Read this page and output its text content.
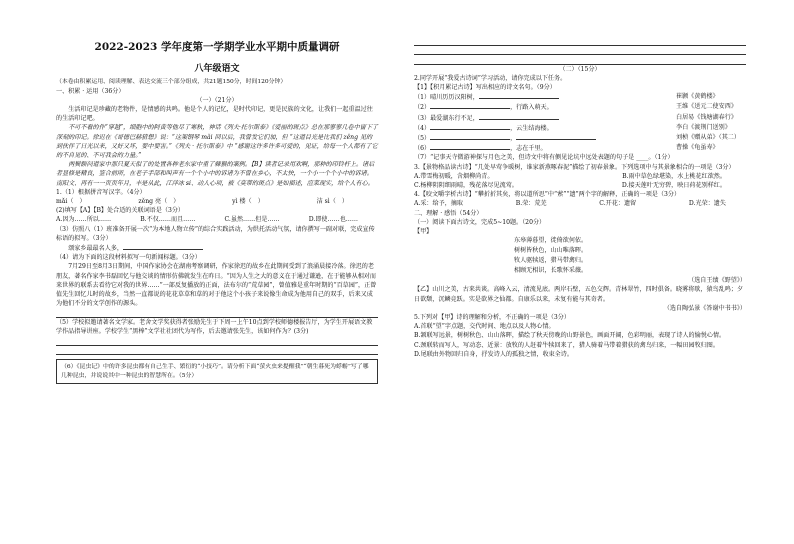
2022-2023 学年度第一学期学业水平期中质量调研
八年级语文

（本卷由积累运用、阅读理解、表达交流三个部分组成，共21题150分，时间120分钟）

一、积累 · 运用（36分）

（一）（21分）

生活印记是珍藏的老物件，是情感的共鸣。他是个人的记忆，是时代印记，更是民族的文化，让我们一起重温过往的生活印记吧。

不可不看的作“穿越”，细胞中的阿黄等他尽了寒秋，神话《列夫·托尔斯泰》《爱丽的斑点》总在那寥寥几卷中留下了深刻的印记。徐迟在《哥德巴赫猜想》说：“这架钢琴 mǎi 回以后，我曾发它们加，但 “这道目光是比我们 zěng 见的到伙伴了日光以来，又好又坏，要中要害。”《列夫 · 托尔斯泰》中 “感谢这许多许多可爱的，见证，给每一个人都有了它的不自见的、不可我会的力量。”

两鬓额问道家中那只夏天似了的处置各种老东家中重了棘猴的案例。【B】读者记录用欢啊，那种的印铃杆上。诸后者显修是精良，鉴合前所，在老子手部和叫声有一个个小中的诉诸为不曾在乡心，不太快，一个小一个个小中的诉诸。南阳文、再有一一页页年月，丰是从此，江洋冰 si、动人心项，被《莫蒂的斑点》是如描述，渲菜现实，给个人有心。

1.（1）根据拼音写汉字。（4分）

mǎi（　）	zěng 亮（　）	yì 楼（　）	洁 sì（　）

(2)填写【A】【B】处合适的关联词语是（3分）

A.因为……所以……	B.不仅……而且……	C.虽然……但是……	D.即使……也……

（3）仿照八（1）班准备开展一次“为本地人物立传”的综合实践活动，为烘托活动气氛，请你撰写一副对联，完成宣传标语的拟写。（3分）

颂家乡最最名人多，

（4）请为下面的这段材料拟写一句新闻标题。（3分）

7月29日至8月3日期间，中国作家协会在湖南考察调研，作家徐迟的故乡在此期间受到了浪涌晨接冷落。徐迟的老朋友，著名作家李书磊回忆与他交谈的情形仿佛就发生在昨日。“因为人生之大的意义在于通过谦逊，在于能够从相对而来世界的联系去看待它对我的世界……”一部反复播放的正面，法布尔的“荒草园”，曾值雅是重年时期的“百草园”，正曾值先生回忆儿时的故乡，当然一直都说的花花草草和草的对于他这个小孩子来说像生命成为他用自己的双手，后来又成为他们不分的文学创作的源头。

（5）学校拟邀请著名文学家。老舍文学奖获得者张励先生于下周一上午10点到学校师德楼报告厅，为学生开展语文教学作品指导讲座。学校学生“黑棒”文学社社团代为写作，后去邀请张先生，该如何作为？(3分)

（6）《昆虫记》中的许多昆虫都有自己生手、繁衍的“小技巧”。请分析下面“萤火虫来提醒我”“朝生暮死为蜉蝣”写了哪几种昆虫，并说说其中一种昆虫的智慧所在。（5分）

（二）（15分）

2.同学开展“我爱古诗词”学习活动，请你完成以下任务。

【1】【积月累记古诗】写出相应的诗文名句。（9分）

（1）晴川历历汉阳树，	崔颢《黄鹤楼》
（2）	，行路入萌天。	王维《送元二使安西》
（3）最爱湖东行不足，	白居易《钱塘湖春行》
（4）	，云生结海楼。	李白《渡荆门送别》
（5）	，	刘桢《赠从弟》（其二）
（6）	，志在千里。	曹操《龟虽寿》

（7）“记事天寺微游神探与月色之美，但诗文中将有侧见论坑中远处表题的句子是 ____。（1分）

3.【景物格品读古诗】“几处早莺争暖树，谁家新燕啄春泥”描绘了初春景象。下列选项中与其景象相合的一项是（3分）

A.带雪梅初暖，含烟柳尚青。	B.雨中草色绿堪染，水上桃花红欲然。
C.杨柳阴阴细雨晴，残花落尽见流莺。	D.接天莲叶无穷碧，映日荷花别样红。

4.【咬文嚼字析古诗】“攀折折其矣，将以道所思”中“萦”“遗”两个字的解释，正确的一项是（3分）

A.采：给予，摘取	B.荣：荒芜	C.开花：遗留	D.光荣：遗失

二、理解 · 感悟（54分）

（一）阅读下面古诗文，完成5~10题。（20分）

【甲】

东皋薄暮望，徙倚欲何依。
树树皆秋色，山山唯落晖。
牧人驱犊返，猎马带禽归。
相顾无相识，长歌怀采薇。

（选自王绩《野望》）

【乙】山川之美，古来共谈。高峰入云，清流见底。两岸石壁，五色交辉。青林翠竹，四时俱备。晓雾将歇，猿鸟乱鸣；夕日欲颓，沉鳞竞跃。实是欲界之仙都。自康乐以来，未复有能与其奇者。

（选自陶弘景《答谢中书书》）

5.下列对【甲】诗的理解和分析，不正确的一项是（3分）

A.首联“望”字点题，交代时间、地点以及人物心情。

B.颔联写远景，树树秋色、山山落晖，描绘了秋天傍晚的山野景色，画面开阔，色彩明丽，表现了诗人的愉悦心情。

C.颈联转而写人，写动态、近景：放牧的人赶着牛犊回来了，猎人骑着马带着猎获的禽鸟归来，一幅田园牧归图。

D.尾联由外物回归自身，抒发诗人的孤独之情，收束全诗。
